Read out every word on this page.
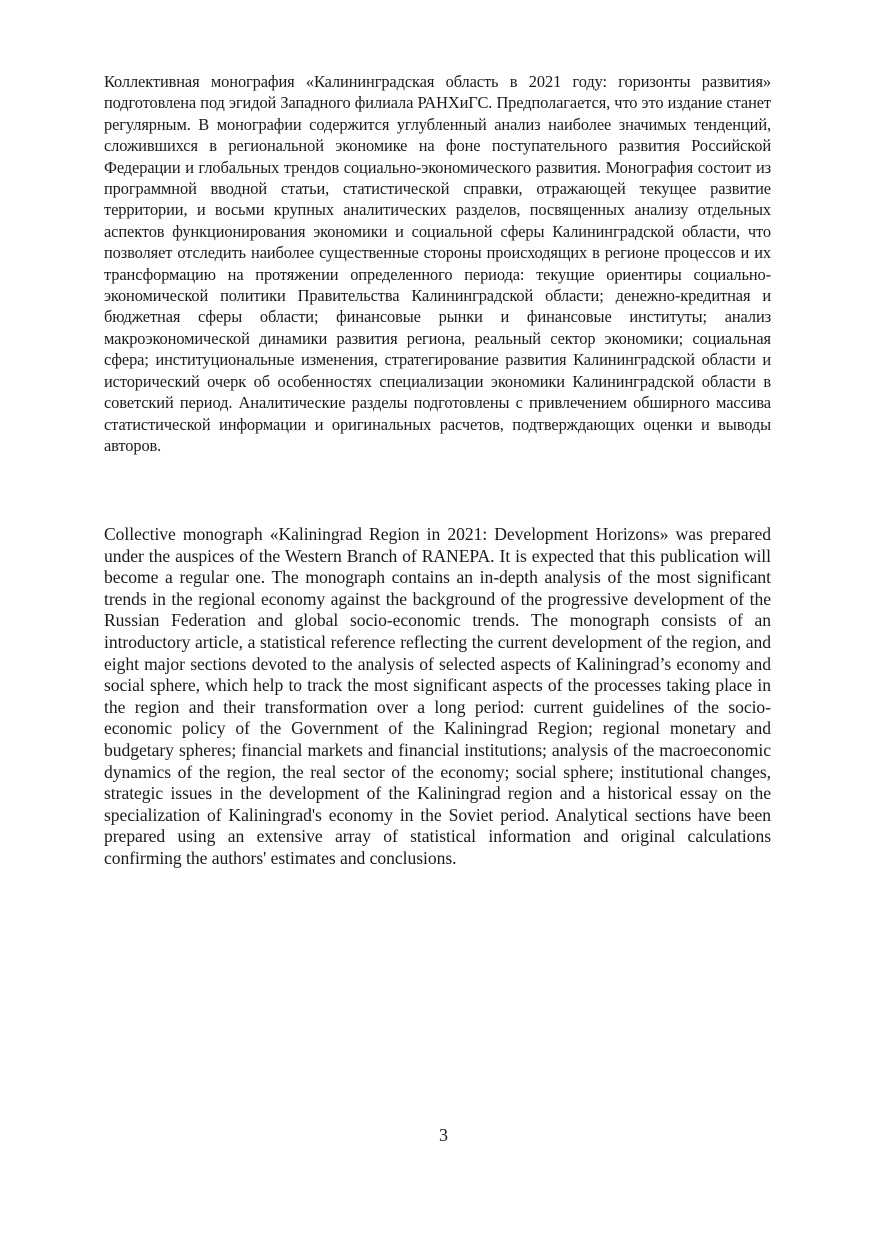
Коллективная монография «Калининградская область в 2021 году: горизонты развития» подготовлена под эгидой Западного филиала РАНХиГС. Предполагается, что это издание станет регулярным. В монографии содержится углубленный анализ наиболее значимых тенденций, сложившихся в региональной экономике на фоне поступательного развития Российской Федерации и глобальных трендов социально-экономического развития. Монография состоит из программной вводной статьи, статистической справки, отражающей текущее развитие территории, и восьми крупных аналитических разделов, посвященных анализу отдельных аспектов функционирования экономики и социальной сферы Калининградской области, что позволяет отследить наиболее существенные стороны происходящих в регионе процессов и их трансформацию на протяжении определенного периода: текущие ориентиры социально-экономической политики Правительства Калининградской области; денежно-кредитная и бюджетная сферы области; финансовые рынки и финансовые институты; анализ макроэкономической динамики развития региона, реальный сектор экономики; социальная сфера; институциональные изменения, стратегирование развития Калининградской области и исторический очерк об особенностях специализации экономики Калининградской области в советский период. Аналитические разделы подготовлены с привлечением обширного массива статистической информации и оригинальных расчетов, подтверждающих оценки и выводы авторов.

Collective monograph «Kaliningrad Region in 2021: Development Horizons» was prepared under the auspices of the Western Branch of RANEPA. It is expected that this publication will become a regular one. The monograph contains an in-depth analysis of the most significant trends in the regional economy against the background of the progressive development of the Russian Federation and global socio-economic trends. The monograph consists of an introductory article, a statistical reference reflecting the current development of the region, and eight major sections devoted to the analysis of selected aspects of Kaliningrad’s economy and social sphere, which help to track the most significant aspects of the processes taking place in the region and their transformation over a long period: current guidelines of the socio-economic policy of the Government of the Kaliningrad Region; regional monetary and budgetary spheres; financial markets and financial institutions; analysis of the macroeconomic dynamics of the region, the real sector of the economy; social sphere; institutional changes, strategic issues in the development of the Kaliningrad region and a historical essay on the specialization of Kaliningrad's economy in the Soviet period. Analytical sections have been prepared using an extensive array of statistical information and original calculations confirming the authors' estimates and conclusions.

3
